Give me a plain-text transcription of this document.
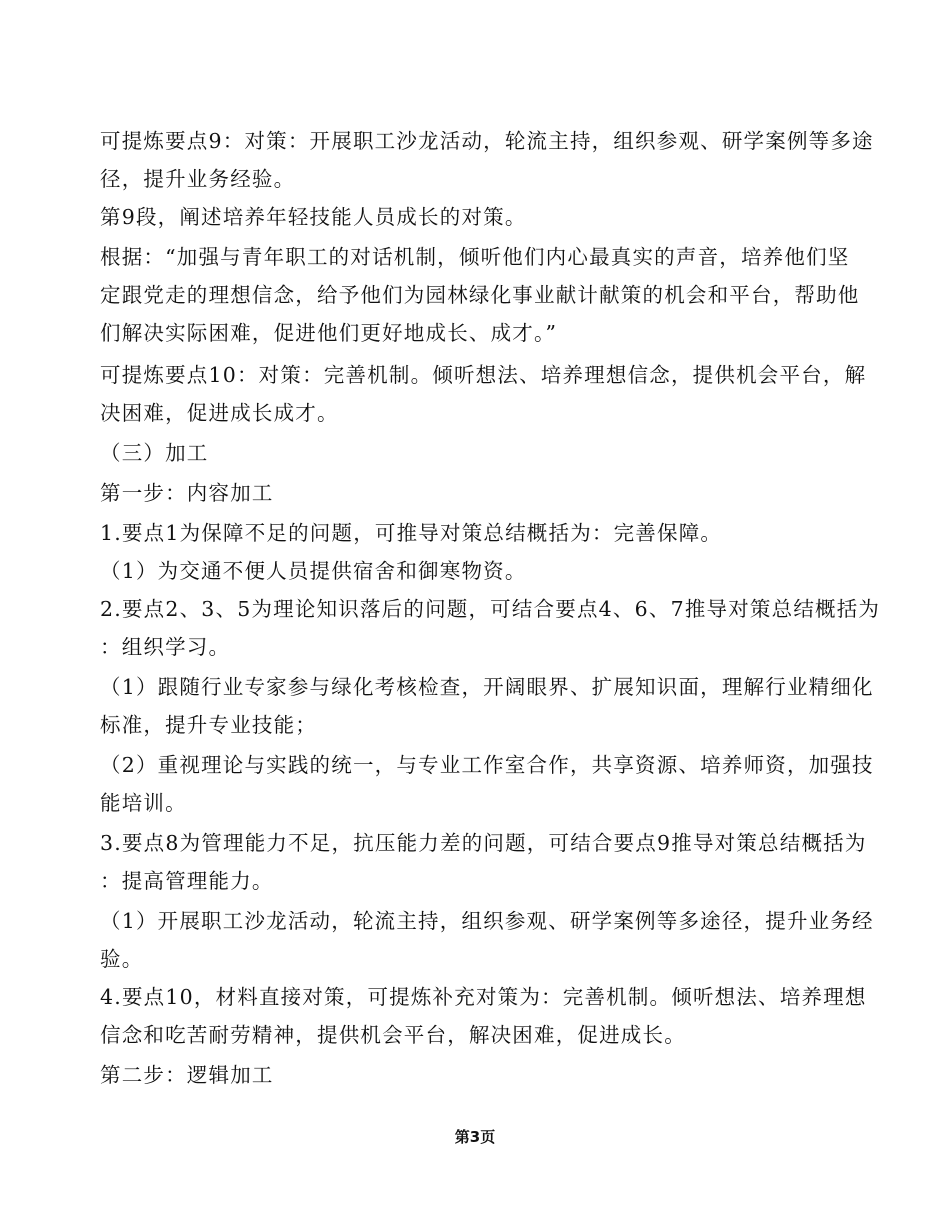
可提炼要点9：对策：开展职工沙龙活动，轮流主持，组织参观、研学案例等多途
径，提升业务经验。
第9段，阐述培养年轻技能人员成长的对策。
根据：“加强与青年职工的对话机制，倾听他们内心最真实的声音，培养他们坚
定跟党走的理想信念，给予他们为园林绿化事业献计献策的机会和平台，帮助他
们解决实际困难，促进他们更好地成长、成才。”
可提炼要点10：对策：完善机制。倾听想法、培养理想信念，提供机会平台，解
决困难，促进成长成才。
（三）加工
第一步：内容加工
1.要点1为保障不足的问题，可推导对策总结概括为：完善保障。
（1）为交通不便人员提供宿舍和御寒物资。
2.要点2、3、5为理论知识落后的问题，可结合要点4、6、7推导对策总结概括为
：组织学习。
（1）跟随行业专家参与绿化考核检查，开阔眼界、扩展知识面，理解行业精细化
标准，提升专业技能；
（2）重视理论与实践的统一，与专业工作室合作，共享资源、培养师资，加强技
能培训。
3.要点8为管理能力不足，抗压能力差的问题，可结合要点9推导对策总结概括为
：提高管理能力。
（1）开展职工沙龙活动，轮流主持，组织参观、研学案例等多途径，提升业务经
验。
4.要点10，材料直接对策，可提炼补充对策为：完善机制。倾听想法、培养理想
信念和吃苦耐劳精神，提供机会平台，解决困难，促进成长。
第二步：逻辑加工
第3页
